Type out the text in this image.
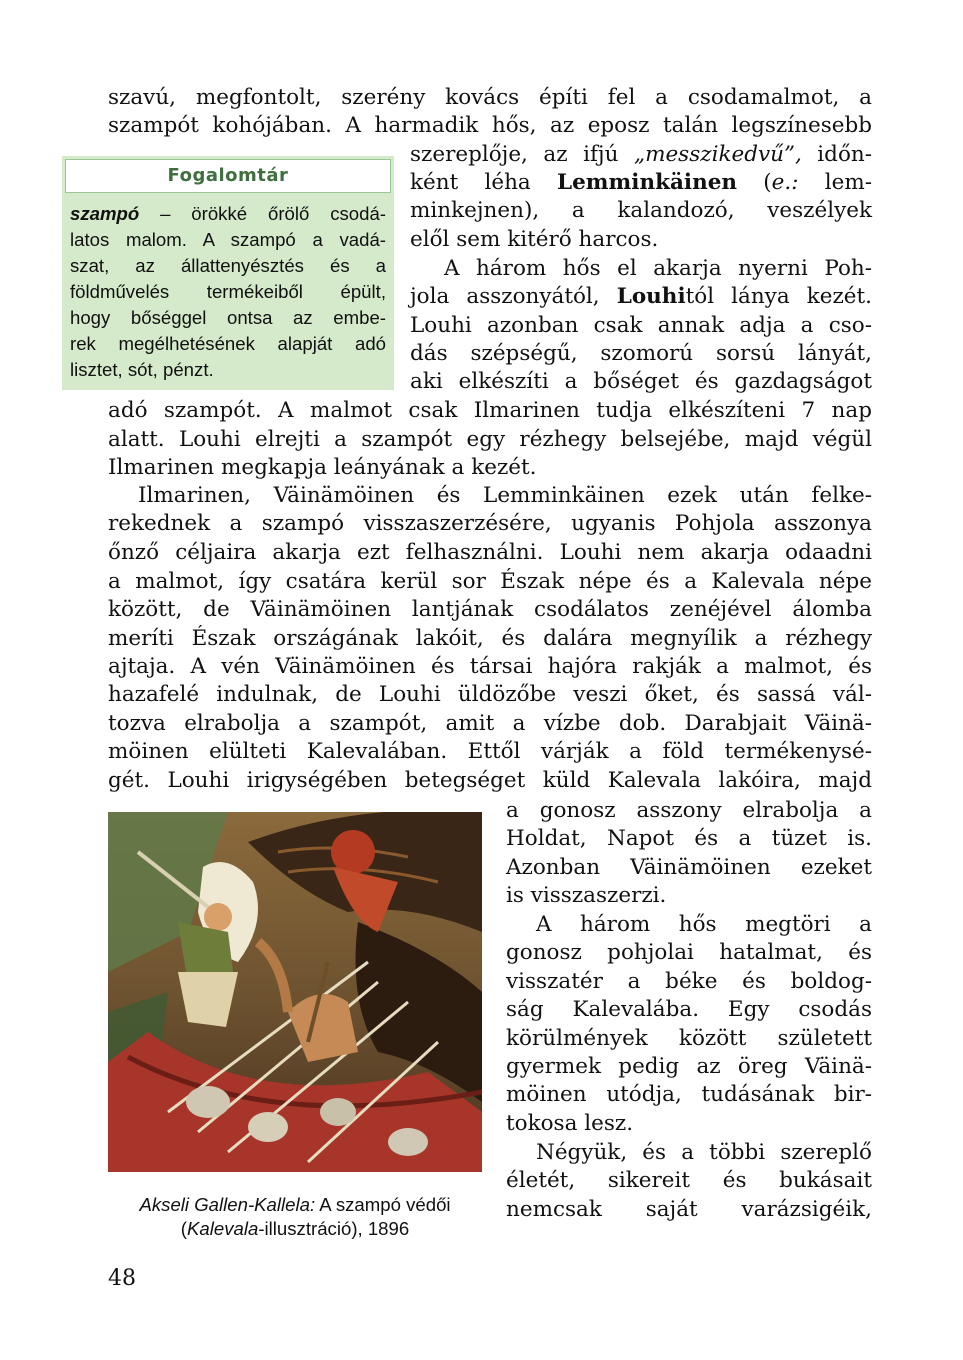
szavú, megfontolt, szerény kovács építi fel a csodamalmot, a
szampót kohójában. A harmadik hős, az eposz talán legszínesebb
Fogalomtár
szampó – örökké őrölő csodá-
latos malom. A szampó a vadá-
szat, az állattenyésztés és a
földművelés termékeiből épült,
hogy bőséggel ontsa az embe-
rek megélhetésének alapját adó
lisztet, sót, pénzt.
szereplője, az ifjú „messzikedvű”, időn-
ként léha Lemminkäinen (e.: lem-
minkejnen), a kalandozó, veszélyek
elől sem kitérő harcos.
A három hős el akarja nyerni Poh-
jola asszonyától, Louhitól lánya kezét.
Louhi azonban csak annak adja a cso-
dás szépségű, szomorú sorsú lányát,
aki elkészíti a bőséget és gazdagságot
adó szampót. A malmot csak Ilmarinen tudja elkészíteni 7 nap
alatt. Louhi elrejti a szampót egy rézhegy belsejébe, majd végül
Ilmarinen megkapja leányának a kezét.
Ilmarinen, Väinämöinen és Lemminkäinen ezek után felke-
rekednek a szampó visszaszerzésére, ugyanis Pohjola asszonya
őnző céljaira akarja ezt felhasználni. Louhi nem akarja odaadni
a malmot, így csatára kerül sor Észak népe és a Kalevala népe
között, de Väinämöinen lantjának csodálatos zenéjével álomba
meríti Észak országának lakóit, és dalára megnyílik a rézhegy
ajtaja. A vén Väinämöinen és társai hajóra rakják a malmot, és
hazafelé indulnak, de Louhi üldözőbe veszi őket, és sassá vál-
tozva elrabolja a szampót, amit a vízbe dob. Darabjait Väinä-
möinen elülteti Kalevalában. Ettől várják a föld termékenysé-
gét. Louhi irigységében betegséget küld Kalevala lakóira, majd
Akseli Gallen-Kallela: A szampó védői
(Kalevala-illusztráció), 1896
a gonosz asszony elrabolja a
Holdat, Napot és a tüzet is.
Azonban Väinämöinen ezeket
is visszaszerzi.
A három hős megtöri a
gonosz pohjolai hatalmat, és
visszatér a béke és boldog-
ság Kalevalába. Egy csodás
körülmények között született
gyermek pedig az öreg Väinä-
möinen utódja, tudásának bir-
tokosa lesz.
Négyük, és a többi szereplő
életét, sikereit és bukásait
nemcsak saját varázsigéik,
48
